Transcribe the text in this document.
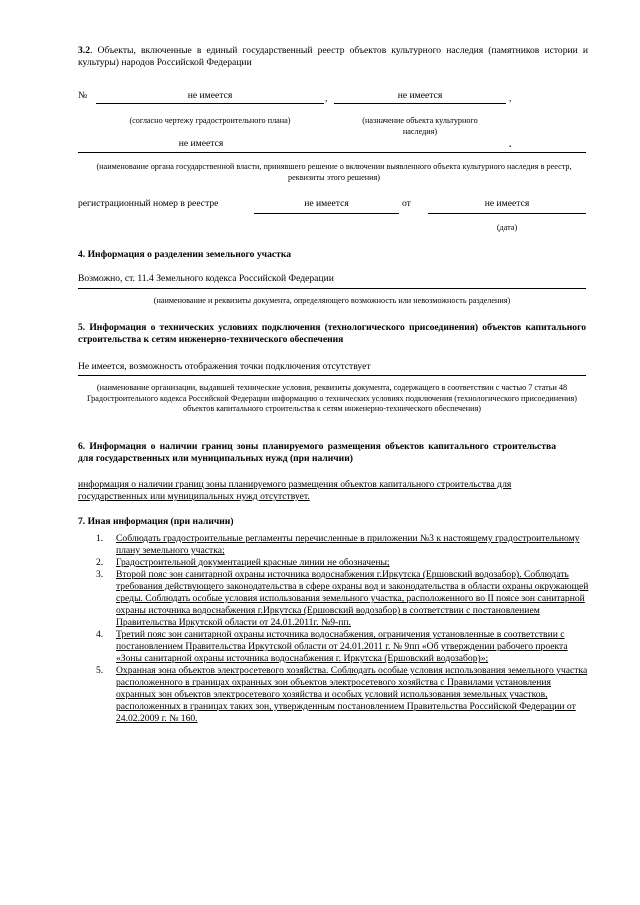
3.2. Объекты, включенные в единый государственный реестр объектов культурного наследия (памятников истории и культуры) народов Российской Федерации
№	не имеется	,	не имеется	,
(согласно чертежу градостроительного плана)	(назначение объекта культурного наследия)
не имеется	.
(наименование органа государственной власти, принявшего решение о включении выявленного объекта культурного наследия в реестр, реквизиты этого решения)
регистрационный номер в реестре	не имеется	от	не имеется
(дата)
4. Информация о разделении земельного участка
Возможно, ст. 11.4 Земельного кодекса Российской Федерации
(наименование и реквизиты документа, определяющего возможность или невозможность разделения)
5. Информация о технических условиях подключения (технологического присоединения) объектов капитального строительства к сетям инженерно-технического обеспечения
Не имеется, возможность отображения точки подключения отсутствует
(наименование организации, выдавшей технические условия, реквизиты документа, содержащего в соответствии с частью 7 статьи 48 Градостроительного кодекса Российской Федерации информацию о технических условиях подключения (технологического присоединения) объектов капитального строительства к сетям инженерно-технического обеспечения)
6. Информация о наличии границ зоны планируемого размещения объектов капитального строительства для государственных или муниципальных нужд (при наличии)
информация о наличии границ зоны планируемого размещения объектов капитального строительства для государственных или муниципальных нужд отсутствует.
7. Иная информация (при наличии)
1.	Соблюдать градостроительные регламенты перечисленные в приложении №3 к настоящему градостроительному плану земельного участка;
2.	Градостроительной документацией красные линии не обозначены;
3.	Второй пояс зон санитарной охраны источника водоснабжения г.Иркутска (Ершовский водозабор). Соблюдать требования действующего законодательства в сфере охраны вод и законодательства в области охраны окружающей среды. Соблюдать особые условия использования земельного участка, расположенного во II поясе зон санитарной охраны источника водоснабжения г.Иркутска (Ершовский водозабор) в соответствии с постановлением Правительства Иркутской области от 24.01.2011г. №9-пп.
4.	Третий пояс зон санитарной охраны источника водоснабжения, ограничения установленные в соответствии с постановлением Правительства Иркутской области от 24.01.2011 г. № 9пп «Об утверждении рабочего проекта «Зоны санитарной охраны источника водоснабжения г. Иркутска (Ершовский водозабор)»;
5.	Охранная зона объектов электросетевого хозяйства. Соблюдать особые условия использования земельного участка расположенного в границах охранных зон объектов электросетевого хозяйства с Правилами установления охранных зон объектов электросетевого хозяйства и особых условий использования земельных участков, расположенных в границах таких зон, утвержденным постановлением Правительства Российской Федерации от 24.02.2009 г. № 160.
